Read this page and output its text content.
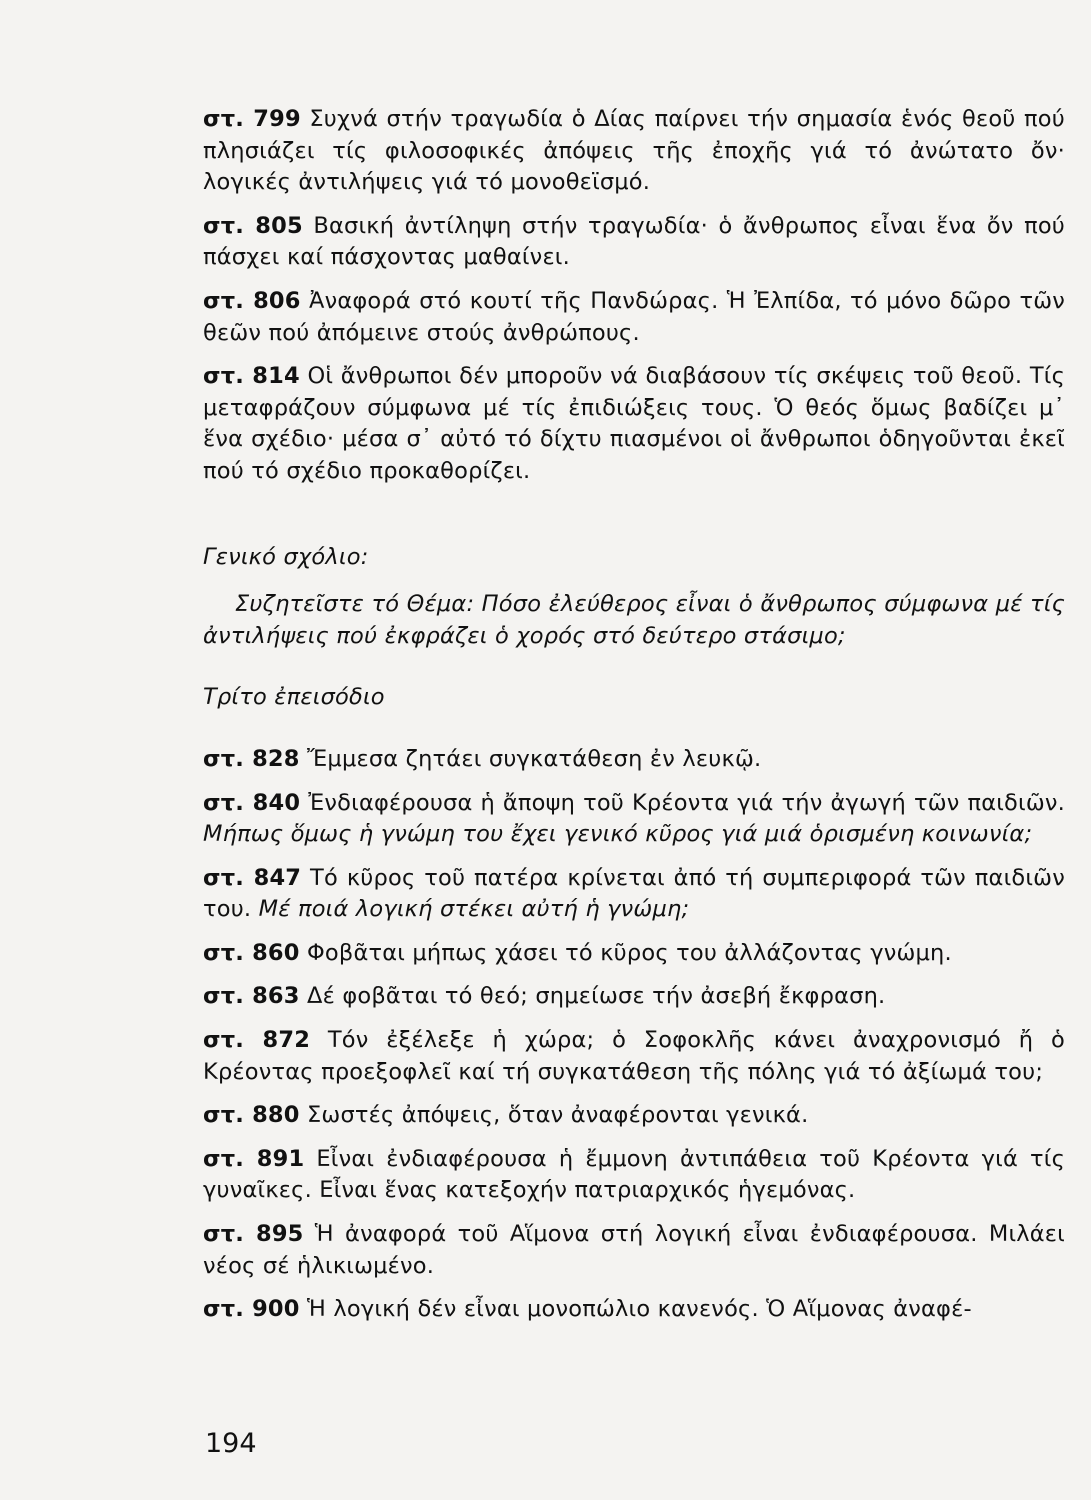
στ. 799 Συχνά στήν τραγωδία ὁ Δίας παίρνει τήν σημασία ἑνός θεοῦ πού πλησιάζει τίς φιλοσοφικές ἀπόψεις τῆς ἐποχῆς γιά τό ἀνώτατο ὄν· λογικές ἀντιλήψεις γιά τό μονοθεϊσμό.

στ. 805 Βασική ἀντίληψη στήν τραγωδία· ὁ ἄνθρωπος εἶναι ἕνα ὄν πού πάσχει καί πάσχοντας μαθαίνει.

στ. 806 Ἀναφορά στό κουτί τῆς Πανδώρας. Ἡ Ἐλπίδα, τό μόνο δῶρο τῶν θεῶν πού ἀπόμεινε στούς ἀνθρώπους.

στ. 814 Οἱ ἄνθρωποι δέν μποροῦν νά διαβάσουν τίς σκέψεις τοῦ θεοῦ. Τίς μεταφράζουν σύμφωνα μέ τίς ἐπιδιώξεις τους. Ὁ θεός ὅμως βαδίζει μ᾽ ἕνα σχέδιο· μέσα σ᾽ αὐτό τό δίχτυ πιασμένοι οἱ ἄνθρωποι ὁδηγοῦνται ἐκεῖ πού τό σχέδιο προκαθορίζει.

Γενικό σχόλιο:

Συζητεῖστε τό Θέμα: Πόσο ἐλεύθερος εἶναι ὁ ἄνθρωπος σύμφωνα μέ τίς ἀντιλήψεις πού ἐκφράζει ὁ χορός στό δεύτερο στάσιμο;

Τρίτο ἐπεισόδιο

στ. 828 Ἔμμεσα ζητάει συγκατάθεση ἐν λευκῷ.

στ. 840 Ἐνδιαφέρουσα ἡ ἄποψη τοῦ Κρέοντα γιά τήν ἀγωγή τῶν παιδιῶν. Μήπως ὅμως ἡ γνώμη του ἔχει γενικό κῦρος γιά μιά ὁρισμένη κοινωνία;

στ. 847 Τό κῦρος τοῦ πατέρα κρίνεται ἀπό τή συμπεριφορά τῶν παιδιῶν του. Μέ ποιά λογική στέκει αὐτή ἡ γνώμη;

στ. 860 Φοβᾶται μήπως χάσει τό κῦρος του ἀλλάζοντας γνώμη.

στ. 863 Δέ φοβᾶται τό θεό; σημείωσε τήν ἀσεβή ἔκφραση.

στ. 872 Τόν ἐξέλεξε ἡ χώρα; ὁ Σοφοκλῆς κάνει ἀναχρονισμό ἤ ὁ Κρέοντας προεξοφλεῖ καί τή συγκατάθεση τῆς πόλης γιά τό ἀξίωμά του;

στ. 880 Σωστές ἀπόψεις, ὅταν ἀναφέρονται γενικά.

στ. 891 Εἶναι ἐνδιαφέρουσα ἡ ἔμμονη ἀντιπάθεια τοῦ Κρέοντα γιά τίς γυναῖκες. Εἶναι ἕνας κατεξοχήν πατριαρχικός ἡγεμόνας.

στ. 895 Ἡ ἀναφορά τοῦ Αἵμονα στή λογική εἶναι ἐνδιαφέρουσα. Μιλάει νέος σέ ἡλικιωμένο.

στ. 900 Ἡ λογική δέν εἶναι μονοπώλιο κανενός. Ὁ Αἵμονας ἀναφέ-

194
